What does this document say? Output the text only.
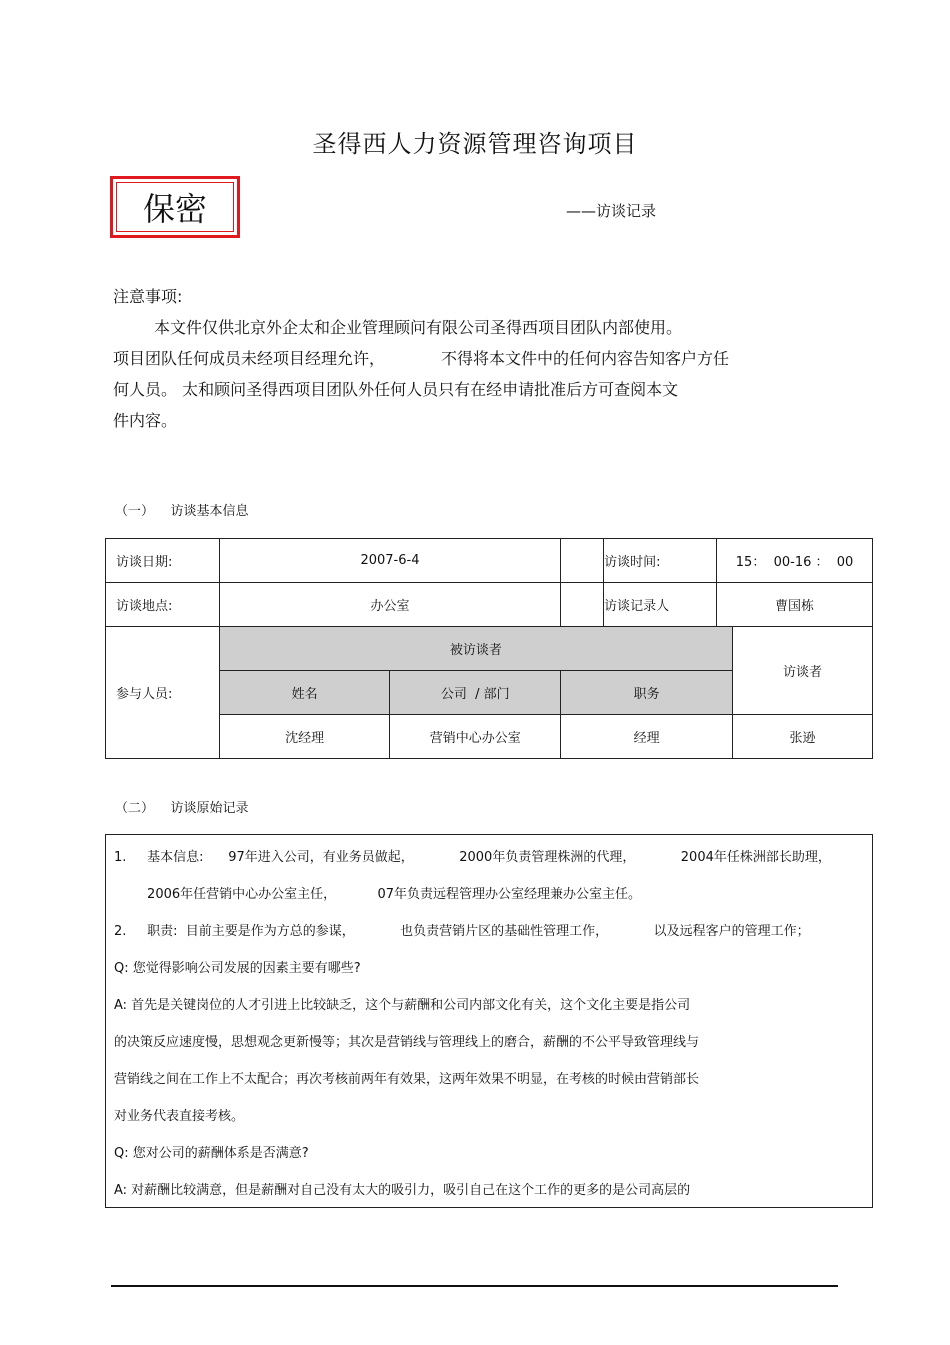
圣得西人力资源管理咨询项目
保密	——访谈记录
注意事项:
本文件仅供北京外企太和企业管理顾问有限公司圣得西项目团队内部使用。
项目团队任何成员未经项目经理允许，           不得将本文件中的任何内容告知客户方任
何人员。 太和顾问圣得西项目团队外任何人员只有在经申请批准后方可查阅本文
件内容。
（一）    访谈基本信息
访谈日期:	2007-6-4			访谈时间: 15：  00-16 ：  00	

访谈地点:	办公室			访谈记录人 曹国栋	

参与人员:	被访谈者				访谈者
	姓名	公司  / 部门	职务		
	沈经理	营销中心办公室	经理		张逊
（二）    访谈原始记录
1.     基本信息:      97年进入公司，有业务员做起，           2000年负责管理株洲的代理，           2004年任株洲部长助理，
2006年任营销中心办公室主任，          07年负责远程管理办公室经理兼办公室主任。
2.     职责:  目前主要是作为方总的参谋，           也负责营销片区的基础性管理工作，           以及远程客户的管理工作；
Q: 您觉得影响公司发展的因素主要有哪些?
A: 首先是关键岗位的人才引进上比较缺乏，这个与薪酬和公司内部文化有关，这个文化主要是指公司
的决策反应速度慢，思想观念更新慢等；其次是营销线与管理线上的磨合，薪酬的不公平导致管理线与
营销线之间在工作上不太配合；再次考核前两年有效果，这两年效果不明显，在考核的时候由营销部长
对业务代表直接考核。
Q: 您对公司的薪酬体系是否满意?
A: 对薪酬比较满意，但是薪酬对自己没有太大的吸引力，吸引自己在这个工作的更多的是公司高层的
